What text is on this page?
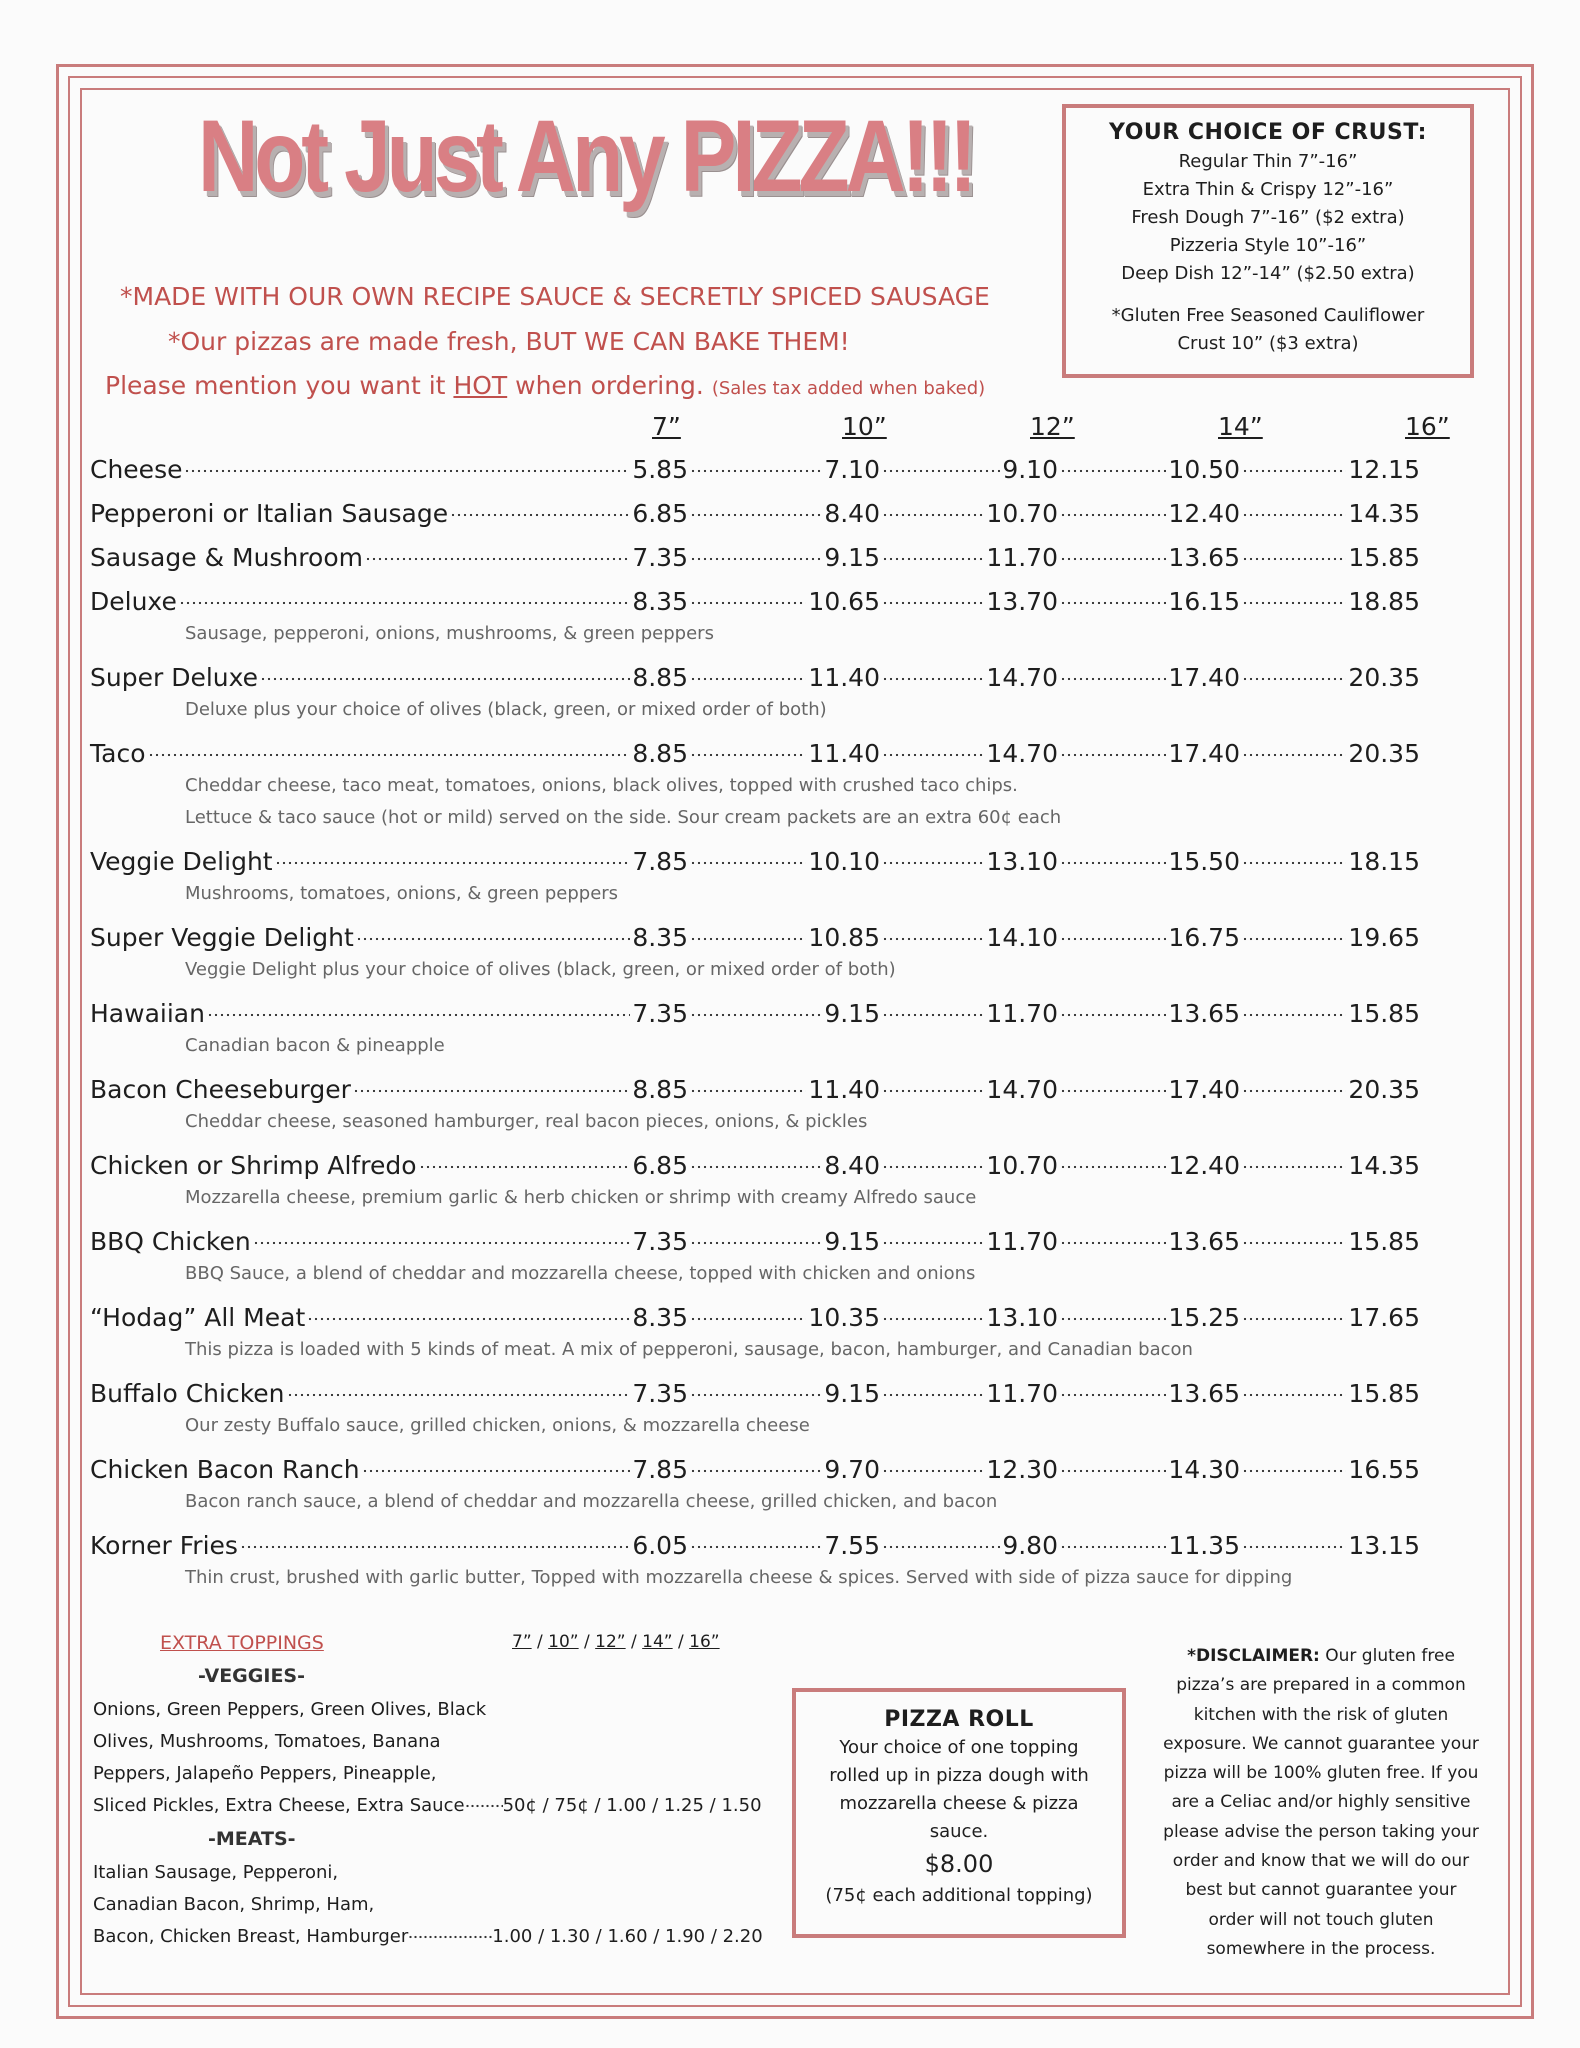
Not Just Any PIZZA!!!	YOUR CHOICE OF CRUST:
Regular Thin 7”-16”
Extra Thin & Crispy 12”-16”
Fresh Dough 7”-16” ($2 extra)
Pizzeria Style 10”-16”
Deep Dish 12”-14” ($2.50 extra)
*Gluten Free Seasoned Cauliflower
Crust 10” ($3 extra)
*MADE WITH OUR OWN RECIPE SAUCE & SECRETLY SPICED SAUSAGE
*Our pizzas are made fresh, BUT WE CAN BAKE THEM!
Please mention you want it HOT when ordering. (Sales tax added when baked)
7”	10”	12”	14”	16”
Cheese	5.85	7.10	9.10	10.50	12.15
Pepperoni or Italian Sausage	6.85	8.40	10.70	12.40	14.35
Sausage & Mushroom	7.35	9.15	11.70	13.65	15.85
Deluxe	8.35	10.65	13.70	16.15	18.85
Sausage, pepperoni, onions, mushrooms, & green peppers
Super Deluxe	8.85	11.40	14.70	17.40	20.35
Deluxe plus your choice of olives (black, green, or mixed order of both)
Taco	8.85	11.40	14.70	17.40	20.35
Cheddar cheese, taco meat, tomatoes, onions, black olives, topped with crushed taco chips.
Lettuce & taco sauce (hot or mild) served on the side. Sour cream packets are an extra 60¢ each
Veggie Delight	7.85	10.10	13.10	15.50	18.15
Mushrooms, tomatoes, onions, & green peppers
Super Veggie Delight	8.35	10.85	14.10	16.75	19.65
Veggie Delight plus your choice of olives (black, green, or mixed order of both)
Hawaiian	7.35	9.15	11.70	13.65	15.85
Canadian bacon & pineapple
Bacon Cheeseburger	8.85	11.40	14.70	17.40	20.35
Cheddar cheese, seasoned hamburger, real bacon pieces, onions, & pickles
Chicken or Shrimp Alfredo	6.85	8.40	10.70	12.40	14.35
Mozzarella cheese, premium garlic & herb chicken or shrimp with creamy Alfredo sauce
BBQ Chicken	7.35	9.15	11.70	13.65	15.85
BBQ Sauce, a blend of cheddar and mozzarella cheese, topped with chicken and onions
“Hodag” All Meat	8.35	10.35	13.10	15.25	17.65
This pizza is loaded with 5 kinds of meat. A mix of pepperoni, sausage, bacon, hamburger, and Canadian bacon
Buffalo Chicken	7.35	9.15	11.70	13.65	15.85
Our zesty Buffalo sauce, grilled chicken, onions, & mozzarella cheese
Chicken Bacon Ranch	7.85	9.70	12.30	14.30	16.55
Bacon ranch sauce, a blend of cheddar and mozzarella cheese, grilled chicken, and bacon
Korner Fries	6.05	7.55	9.80	11.35	13.15
Thin crust, brushed with garlic butter, Topped with mozzarella cheese & spices. Served with side of pizza sauce for dipping
EXTRA TOPPINGS	7” / 10” / 12” / 14” / 16”
-VEGGIES-
Onions, Green Peppers, Green Olives, Black
Olives, Mushrooms, Tomatoes, Banana
Peppers, Jalapeño Peppers, Pineapple,
Sliced Pickles, Extra Cheese, Extra Sauce 50¢ / 75¢ / 1.00 / 1.25 / 1.50
-MEATS-
Italian Sausage, Pepperoni,
Canadian Bacon, Shrimp, Ham,
Bacon, Chicken Breast, Hamburger	1.00 / 1.30 / 1.60 / 1.90 / 2.20
PIZZA ROLL
Your choice of one topping
rolled up in pizza dough with
mozzarella cheese & pizza
sauce.
$8.00
(75¢ each additional topping)
*DISCLAIMER: Our gluten free
pizza’s are prepared in a common
kitchen with the risk of gluten
exposure. We cannot guarantee your
pizza will be 100% gluten free. If you
are a Celiac and/or highly sensitive
please advise the person taking your
order and know that we will do our
best but cannot guarantee your
order will not touch gluten
somewhere in the process.
